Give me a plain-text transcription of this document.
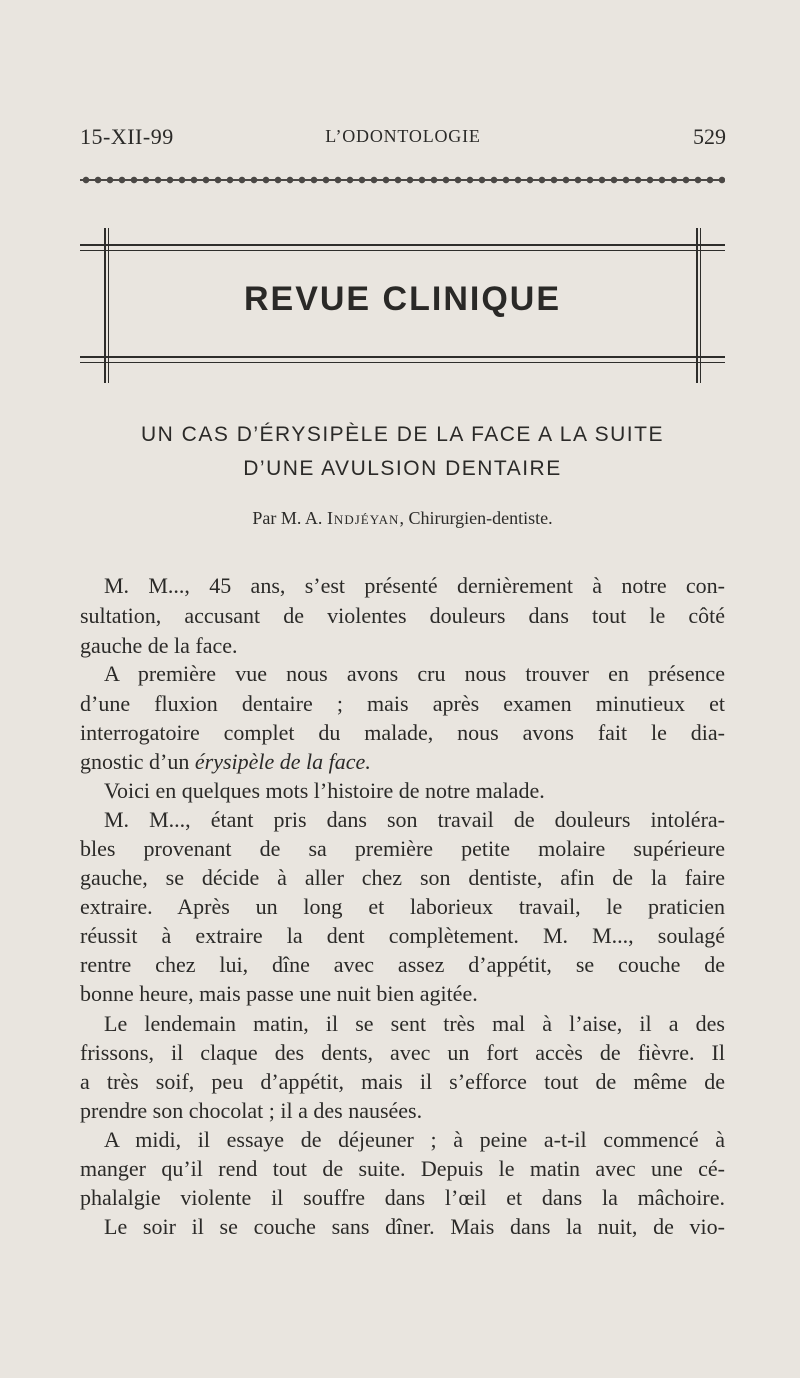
15-XII-99	L’ODONTOLOGIE	529
REVUE CLINIQUE
UN CAS D’ÉRYSIPÈLE DE LA FACE A LA SUITE
D’UNE AVULSION DENTAIRE
Par M. A. Indjéyan, Chirurgien-dentiste.
M. M..., 45 ans, s’est présenté dernièrement à notre con-
sultation, accusant de violentes douleurs dans tout le côté
gauche de la face.
A première vue nous avons cru nous trouver en présence
d’une fluxion dentaire ; mais après examen minutieux et
interrogatoire complet du malade, nous avons fait le dia-
gnostic d’un érysipèle de la face.
Voici en quelques mots l’histoire de notre malade.
M. M..., étant pris dans son travail de douleurs intoléra-
bles provenant de sa première petite molaire supérieure
gauche, se décide à aller chez son dentiste, afin de la faire
extraire. Après un long et laborieux travail, le praticien
réussit à extraire la dent complètement. M. M..., soulagé
rentre chez lui, dîne avec assez d’appétit, se couche de
bonne heure, mais passe une nuit bien agitée.
Le lendemain matin, il se sent très mal à l’aise, il a des
frissons, il claque des dents, avec un fort accès de fièvre. Il
a très soif, peu d’appétit, mais il s’efforce tout de même de
prendre son chocolat ; il a des nausées.
A midi, il essaye de déjeuner ; à peine a-t-il commencé à
manger qu’il rend tout de suite. Depuis le matin avec une cé-
phalalgie violente il souffre dans l’œil et dans la mâchoire.
Le soir il se couche sans dîner. Mais dans la nuit, de vio-
